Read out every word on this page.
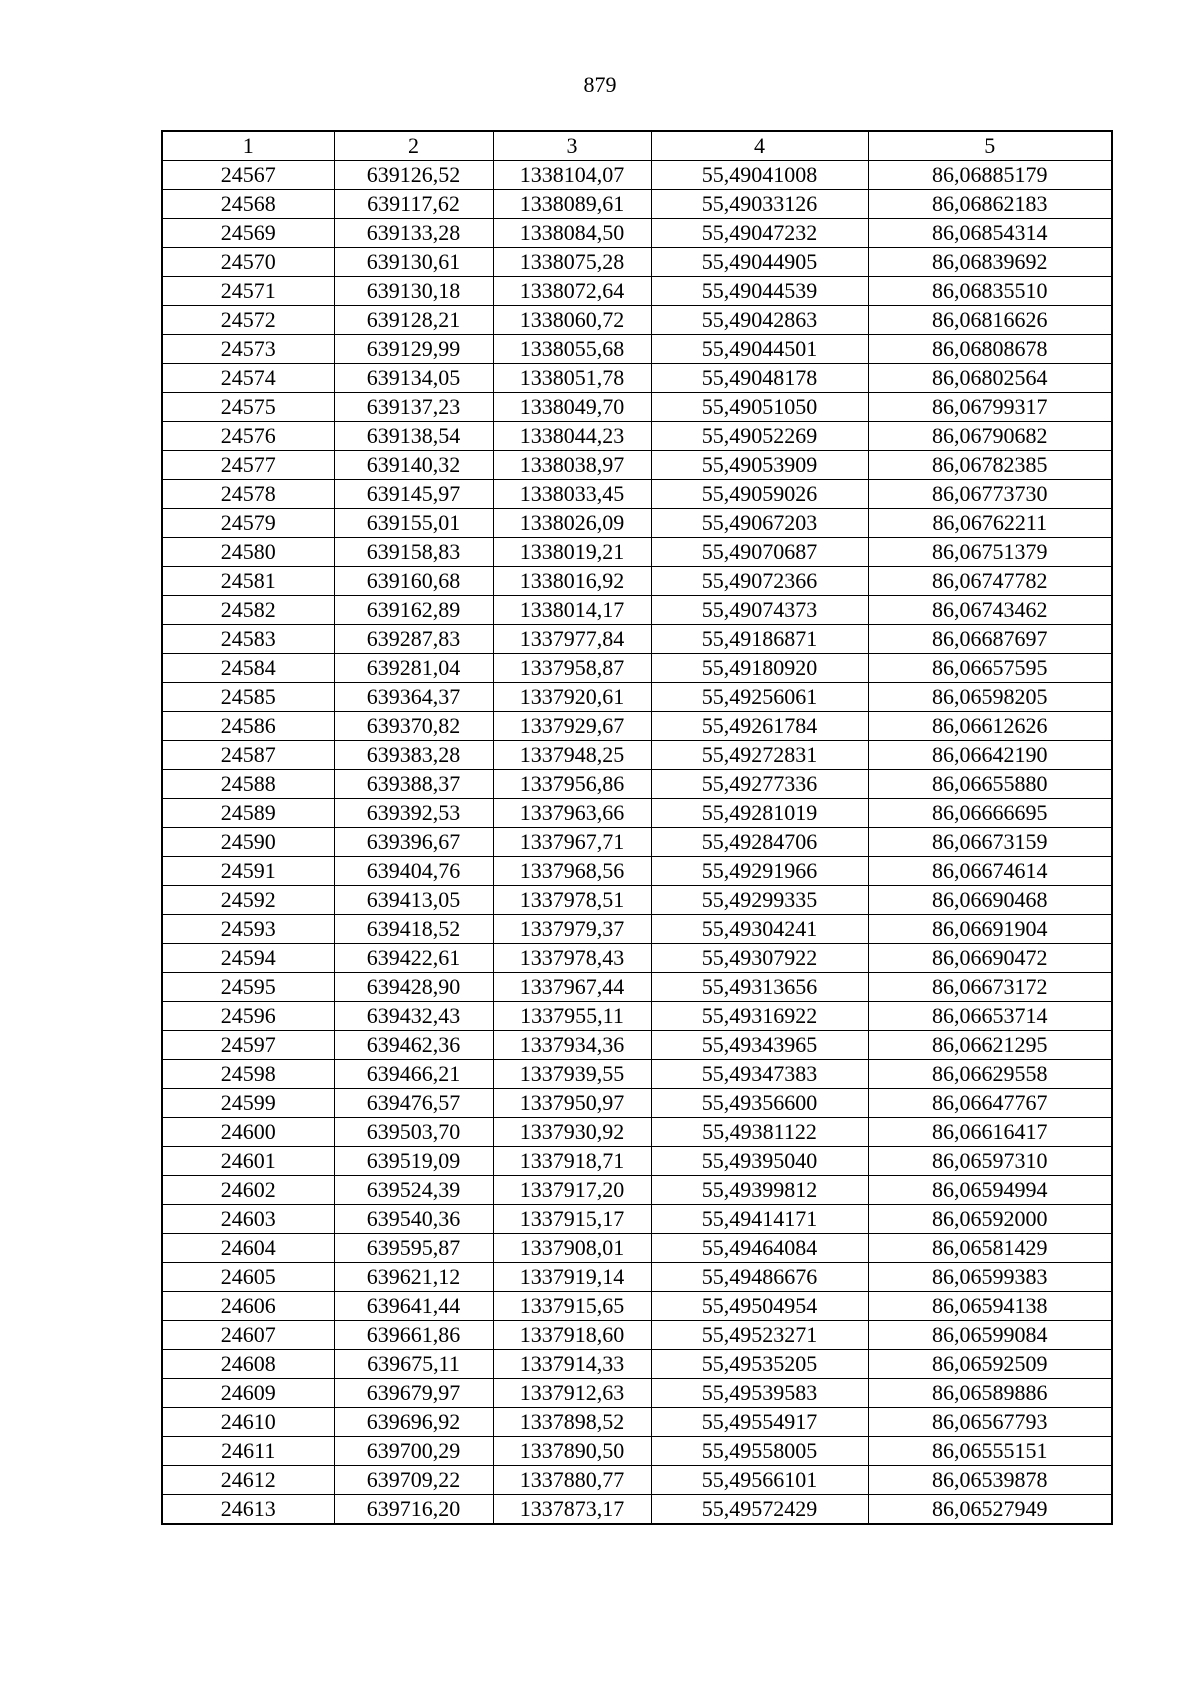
879
1	2	3	4	5
24567	639126,52	1338104,07	55,49041008	86,06885179
24568	639117,62	1338089,61	55,49033126	86,06862183
24569	639133,28	1338084,50	55,49047232	86,06854314
24570	639130,61	1338075,28	55,49044905	86,06839692
24571	639130,18	1338072,64	55,49044539	86,06835510
24572	639128,21	1338060,72	55,49042863	86,06816626
24573	639129,99	1338055,68	55,49044501	86,06808678
24574	639134,05	1338051,78	55,49048178	86,06802564
24575	639137,23	1338049,70	55,49051050	86,06799317
24576	639138,54	1338044,23	55,49052269	86,06790682
24577	639140,32	1338038,97	55,49053909	86,06782385
24578	639145,97	1338033,45	55,49059026	86,06773730
24579	639155,01	1338026,09	55,49067203	86,06762211
24580	639158,83	1338019,21	55,49070687	86,06751379
24581	639160,68	1338016,92	55,49072366	86,06747782
24582	639162,89	1338014,17	55,49074373	86,06743462
24583	639287,83	1337977,84	55,49186871	86,06687697
24584	639281,04	1337958,87	55,49180920	86,06657595
24585	639364,37	1337920,61	55,49256061	86,06598205
24586	639370,82	1337929,67	55,49261784	86,06612626
24587	639383,28	1337948,25	55,49272831	86,06642190
24588	639388,37	1337956,86	55,49277336	86,06655880
24589	639392,53	1337963,66	55,49281019	86,06666695
24590	639396,67	1337967,71	55,49284706	86,06673159
24591	639404,76	1337968,56	55,49291966	86,06674614
24592	639413,05	1337978,51	55,49299335	86,06690468
24593	639418,52	1337979,37	55,49304241	86,06691904
24594	639422,61	1337978,43	55,49307922	86,06690472
24595	639428,90	1337967,44	55,49313656	86,06673172
24596	639432,43	1337955,11	55,49316922	86,06653714
24597	639462,36	1337934,36	55,49343965	86,06621295
24598	639466,21	1337939,55	55,49347383	86,06629558
24599	639476,57	1337950,97	55,49356600	86,06647767
24600	639503,70	1337930,92	55,49381122	86,06616417
24601	639519,09	1337918,71	55,49395040	86,06597310
24602	639524,39	1337917,20	55,49399812	86,06594994
24603	639540,36	1337915,17	55,49414171	86,06592000
24604	639595,87	1337908,01	55,49464084	86,06581429
24605	639621,12	1337919,14	55,49486676	86,06599383
24606	639641,44	1337915,65	55,49504954	86,06594138
24607	639661,86	1337918,60	55,49523271	86,06599084
24608	639675,11	1337914,33	55,49535205	86,06592509
24609	639679,97	1337912,63	55,49539583	86,06589886
24610	639696,92	1337898,52	55,49554917	86,06567793
24611	639700,29	1337890,50	55,49558005	86,06555151
24612	639709,22	1337880,77	55,49566101	86,06539878
24613	639716,20	1337873,17	55,49572429	86,06527949
